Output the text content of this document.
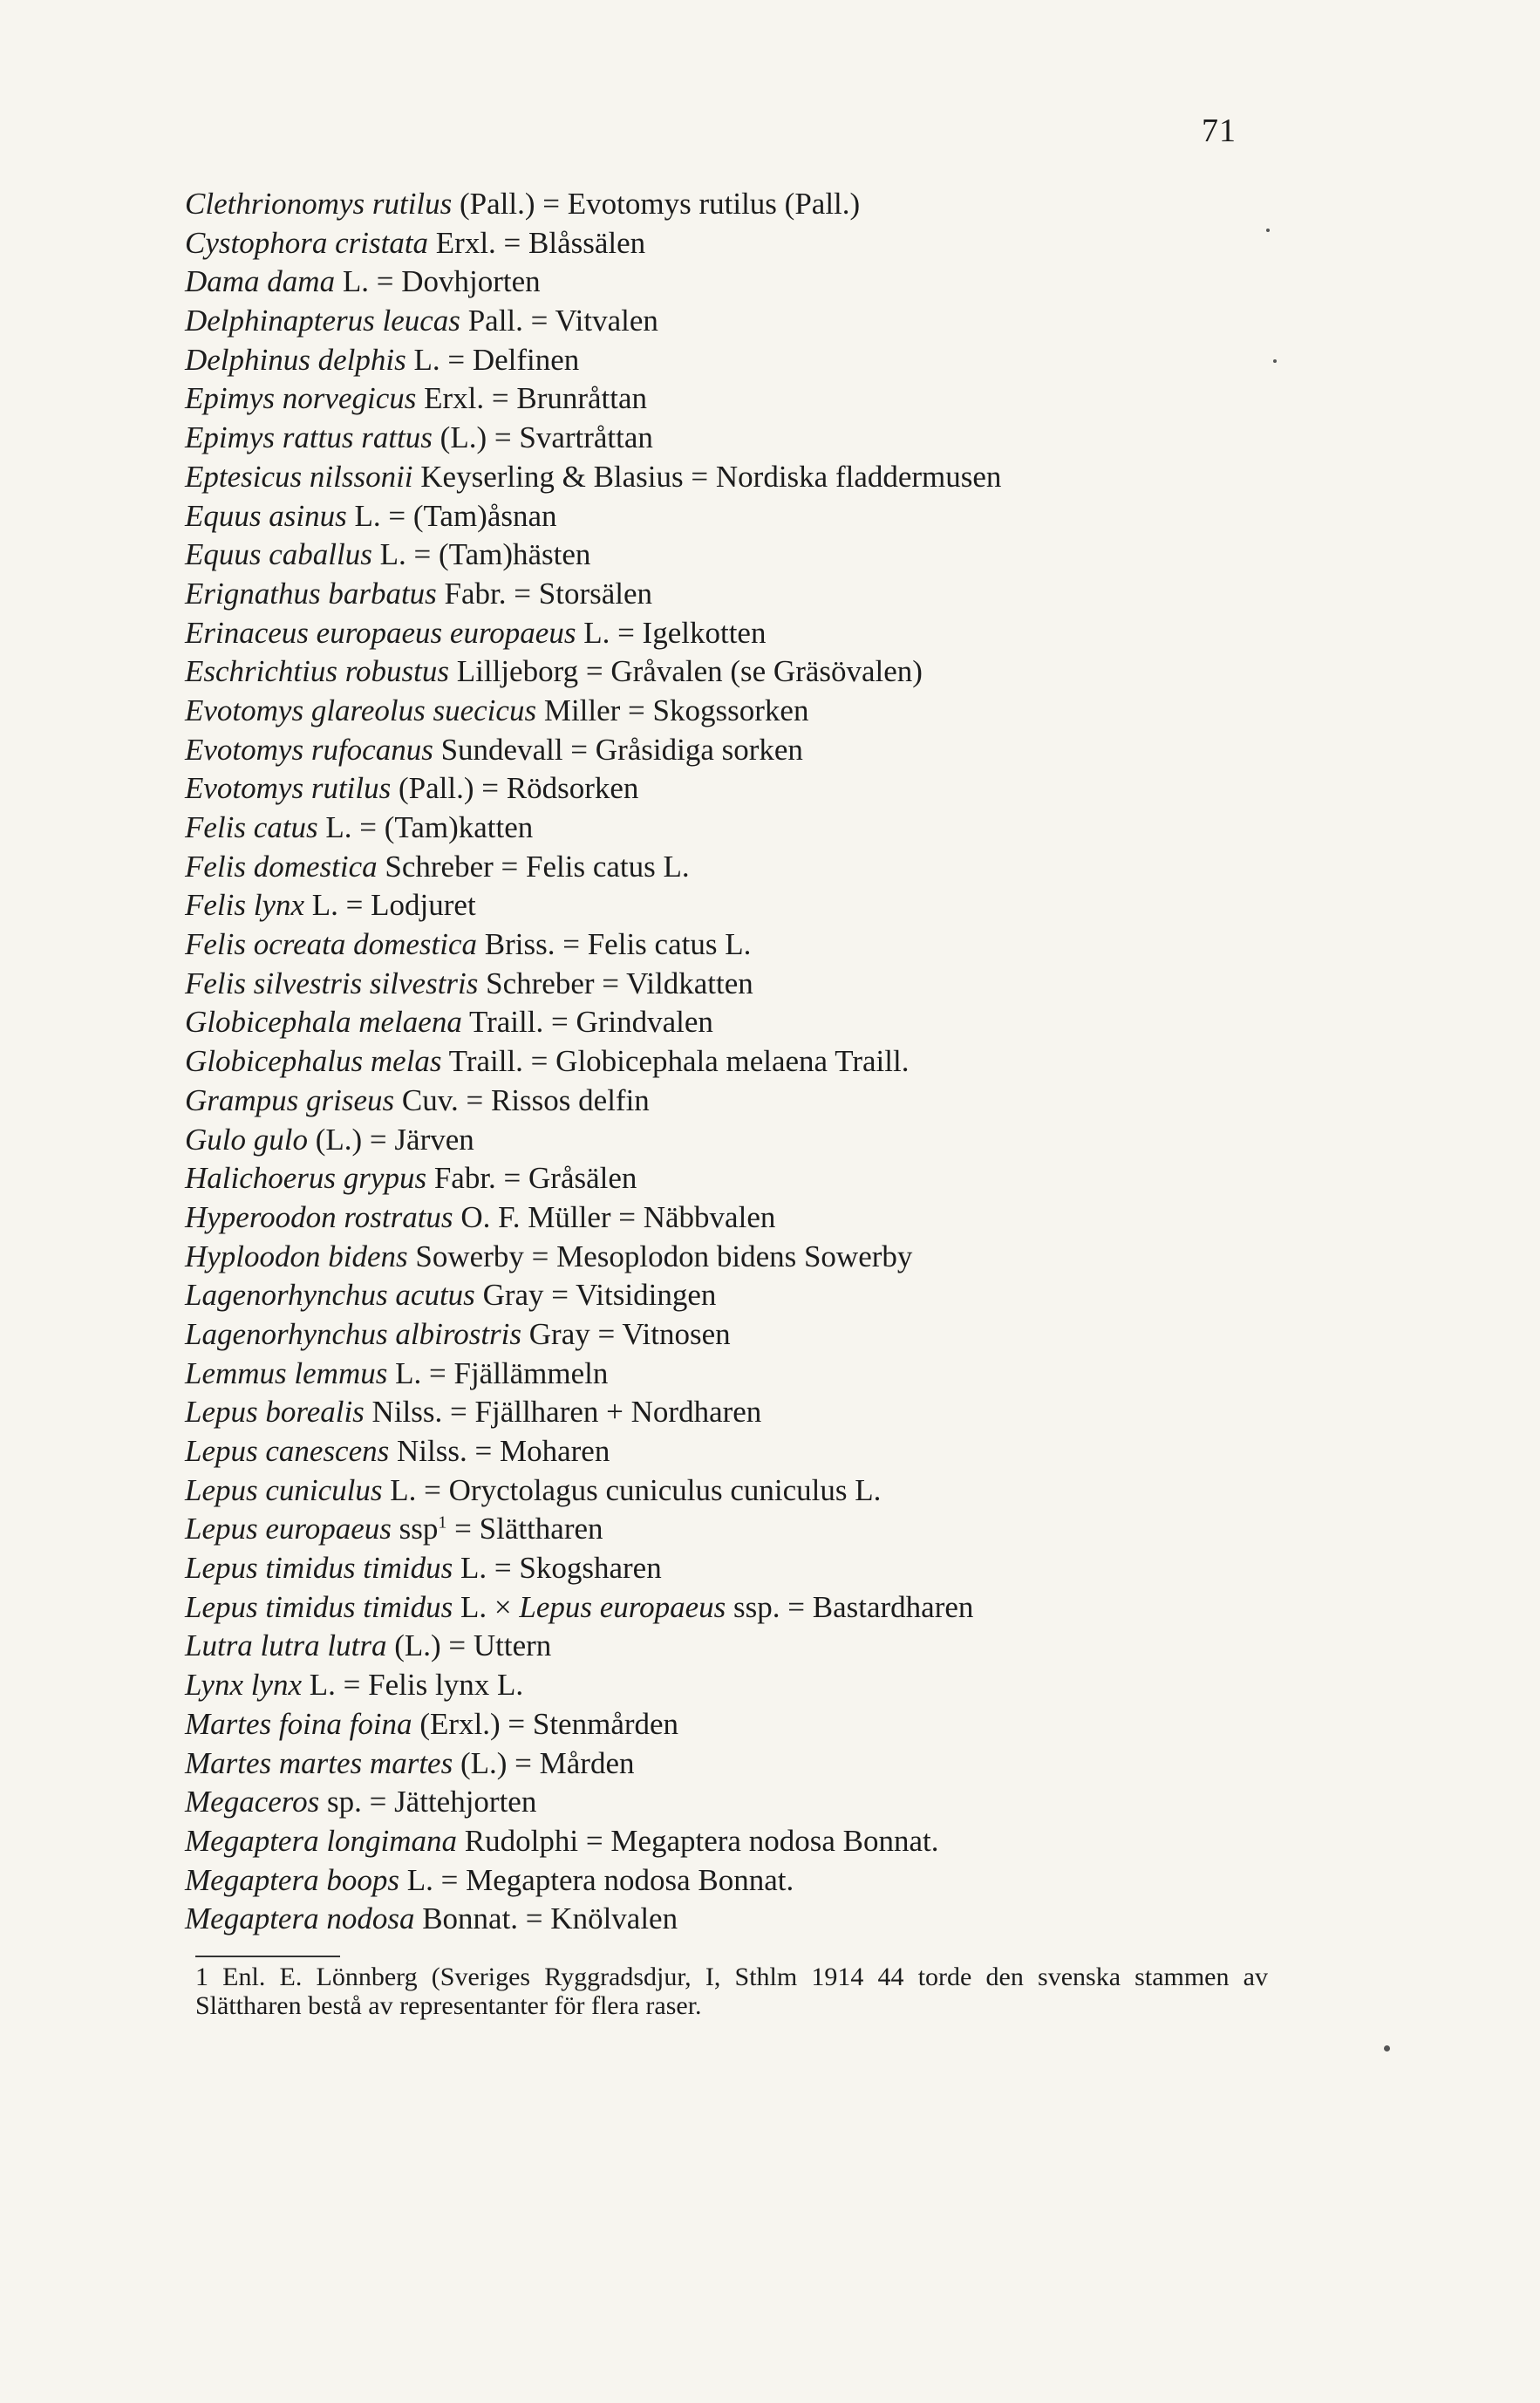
71
Clethrionomys rutilus (Pall.) = Evotomys rutilus (Pall.)
Cystophora cristata Erxl. = Blåssälen
Dama dama L. = Dovhjorten
Delphinapterus leucas Pall. = Vitvalen
Delphinus delphis L. = Delfinen
Epimys norvegicus Erxl. = Brunråttan
Epimys rattus rattus (L.) = Svartråttan
Eptesicus nilssonii Keyserling & Blasius = Nordiska fladdermusen
Equus asinus L. = (Tam)åsnan
Equus caballus L. = (Tam)hästen
Erignathus barbatus Fabr. = Storsälen
Erinaceus europaeus europaeus L. = Igelkotten
Eschrichtius robustus Lilljeborg = Gråvalen (se Gräsövalen)
Evotomys glareolus suecicus Miller = Skogssorken
Evotomys rufocanus Sundevall = Gråsidiga sorken
Evotomys rutilus (Pall.) = Rödsorken
Felis catus L. = (Tam)katten
Felis domestica Schreber = Felis catus L.
Felis lynx L. = Lodjuret
Felis ocreata domestica Briss. = Felis catus L.
Felis silvestris silvestris Schreber = Vildkatten
Globicephala melaena Traill. = Grindvalen
Globicephalus melas Traill. = Globicephala melaena Traill.
Grampus griseus Cuv. = Rissos delfin
Gulo gulo (L.) = Järven
Halichoerus grypus Fabr. = Gråsälen
Hyperoodon rostratus O. F. Müller = Näbbvalen
Hyploodon bidens Sowerby = Mesoplodon bidens Sowerby
Lagenorhynchus acutus Gray = Vitsidingen
Lagenorhynchus albirostris Gray = Vitnosen
Lemmus lemmus L. = Fjällämmeln
Lepus borealis Nilss. = Fjällharen + Nordharen
Lepus canescens Nilss. = Moharen
Lepus cuniculus L. = Oryctolagus cuniculus cuniculus L.
Lepus europaeus ssp$^1$ = Slättharen
Lepus timidus timidus L. = Skogsharen
Lepus timidus timidus L. × Lepus europaeus ssp. = Bastardharen
Lutra lutra lutra (L.) = Uttern
Lynx lynx L. = Felis lynx L.
Martes foina foina (Erxl.) = Stenmården
Martes martes martes (L.) = Mården
Megaceros sp. = Jättehjorten
Megaptera longimana Rudolphi = Megaptera nodosa Bonnat.
Megaptera boops L. = Megaptera nodosa Bonnat.
Megaptera nodosa Bonnat. = Knölvalen
1 Enl. E. Lönnberg (Sveriges Ryggradsdjur, I, Sthlm 1914 44 torde den svenska stammen av Slättharen bestå av representanter för flera raser.
